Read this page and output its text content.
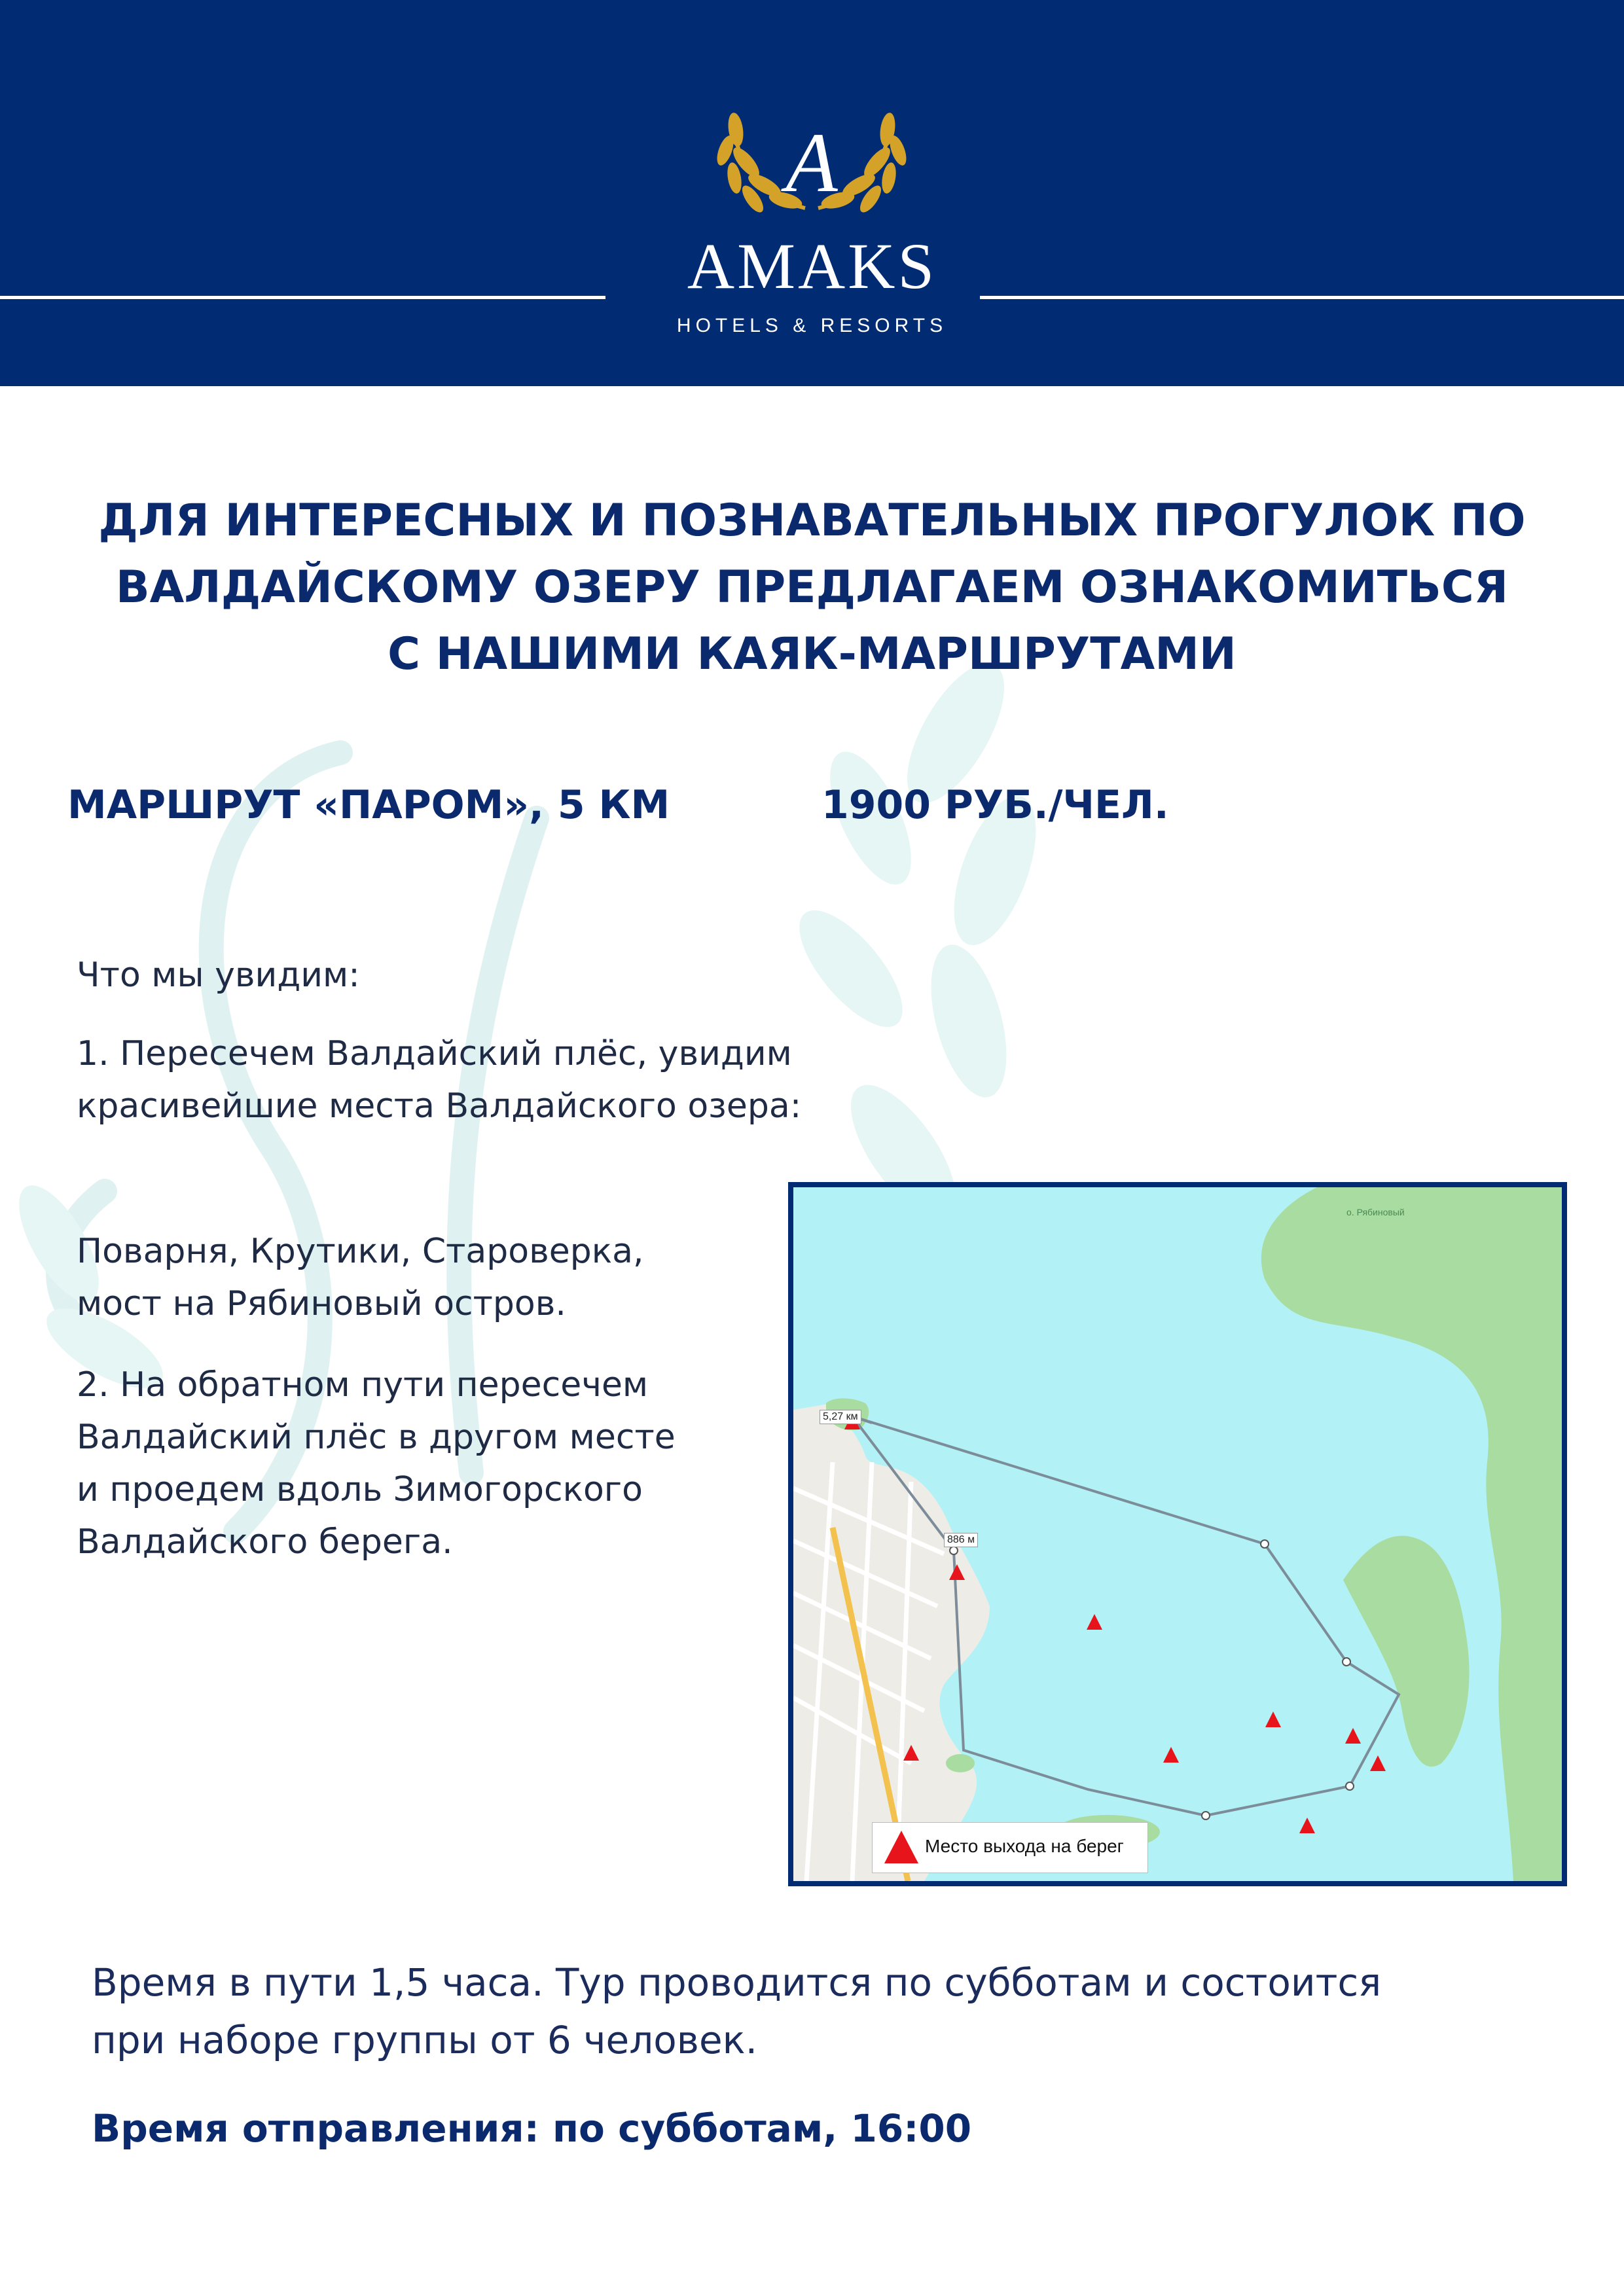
A
AMAKS
HOTELS & RESORTS
ДЛЯ ИНТЕРЕСНЫХ И ПОЗНАВАТЕЛЬНЫХ ПРОГУЛОК ПО
ВАЛДАЙСКОМУ ОЗЕРУ ПРЕДЛАГАЕМ ОЗНАКОМИТЬСЯ
С НАШИМИ КАЯК-МАРШРУТАМИ
МАРШРУТ «ПАРОМ», 5 КМ	1900 РУБ./ЧЕЛ.

Что мы увидим:

1. Пересечем Валдайский плёс, увидим
красивейшие места Валдайского озера:

Поварня, Крутики, Староверка,
мост на Рябиновый остров.

2. На обратном пути пересечем
Валдайский плёс в другом месте
и проедем вдоль Зимогорского
Валдайского берега.

5,27 км
886 м
о. Рябиновый
Место выхода на берег

Время в пути 1,5 часа. Тур проводится по субботам и состоится
при наборе группы от 6 человек.

Время отправления: по субботам, 16:00
